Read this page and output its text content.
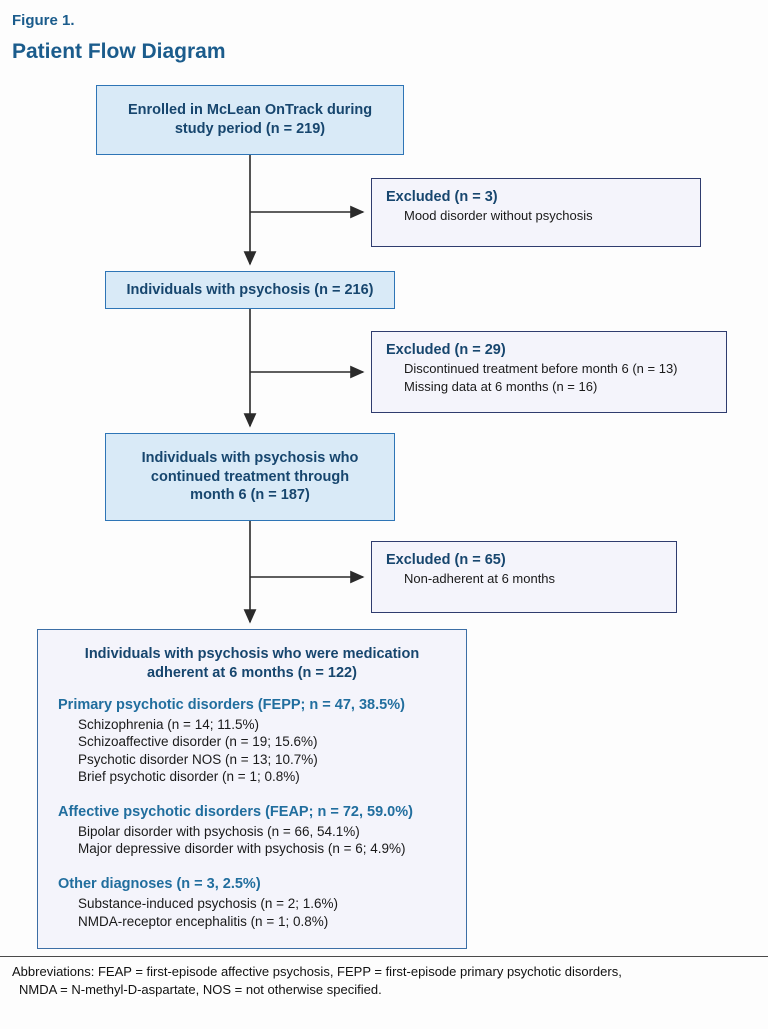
Figure 1.
Patient Flow Diagram
Enrolled in McLean OnTrack during study period (n = 219)
Individuals with psychosis (n = 216)
Individuals with psychosis who continued treatment through month 6 (n = 187)
Excluded (n = 3)
Mood disorder without psychosis
Excluded (n = 29)
Discontinued treatment before month 6 (n = 13)
Missing data at 6 months (n = 16)
Excluded (n = 65)
Non-adherent at 6 months
Individuals with psychosis who were medication adherent at 6 months (n = 122)
Primary psychotic disorders (FEPP; n = 47, 38.5%)
Schizophrenia (n = 14; 11.5%)
Schizoaffective disorder (n = 19; 15.6%)
Psychotic disorder NOS (n = 13; 10.7%)
Brief psychotic disorder (n = 1; 0.8%)
Affective psychotic disorders (FEAP; n = 72, 59.0%)
Bipolar disorder with psychosis (n = 66, 54.1%)
Major depressive disorder with psychosis (n = 6; 4.9%)
Other diagnoses (n = 3, 2.5%)
Substance-induced psychosis (n = 2; 1.6%)
NMDA-receptor encephalitis (n = 1; 0.8%)
Abbreviations: FEAP = first-episode affective psychosis, FEPP = first-episode primary psychotic disorders,
NMDA = N-methyl-D-aspartate, NOS = not otherwise specified.
